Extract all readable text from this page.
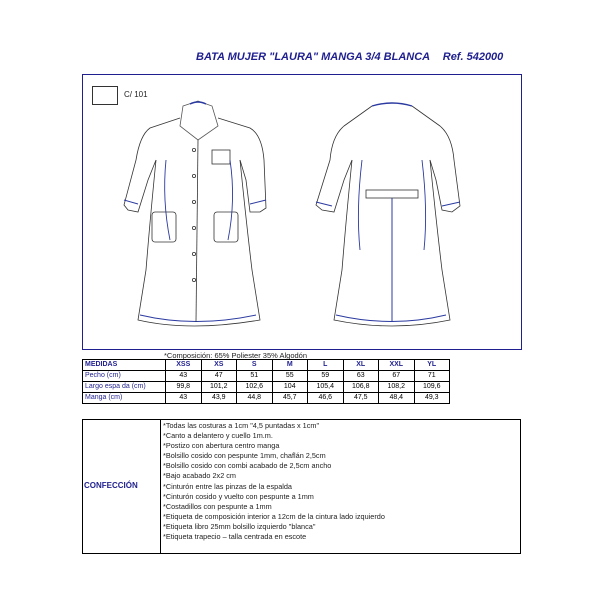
BATA MUJER "LAURA" MANGA 3/4 BLANCA Ref. 542000
C/ 101
*Composición: 65% Poliester 35% Algodón
MEDIDAS	XSS	XS	S	M	L	XL	XXL	YL
Pecho (cm)	43	47	51	55	59	63	67	71
Largo espa da (cm)	99,8	101,2	102,6	104	105,4	106,8	108,2	109,6
Manga (cm)	43	43,9	44,8	45,7	46,6	47,5	48,4	49,3
CONFECCIÓN
*Todas las costuras a 1cm "4,5 puntadas x 1cm"
*Canto a delantero y cuello 1m.m.
*Postizo con abertura centro manga
*Bolsillo cosido con pespunte 1mm, chaflán 2,5cm
*Bolsillo cosido con combi acabado de 2,5cm ancho
*Bajo acabado 2x2 cm
*Cinturón entre las pinzas de la espalda
*Cinturón cosido y vuelto con pespunte a 1mm
*Costadillos con pespunte a 1mm
*Etiqueta de composición interior a 12cm de la cintura lado izquierdo
*Etiqueta libro 25mm bolsillo izquierdo "blanca"
*Etiqueta trapecio – talla centrada en escote
